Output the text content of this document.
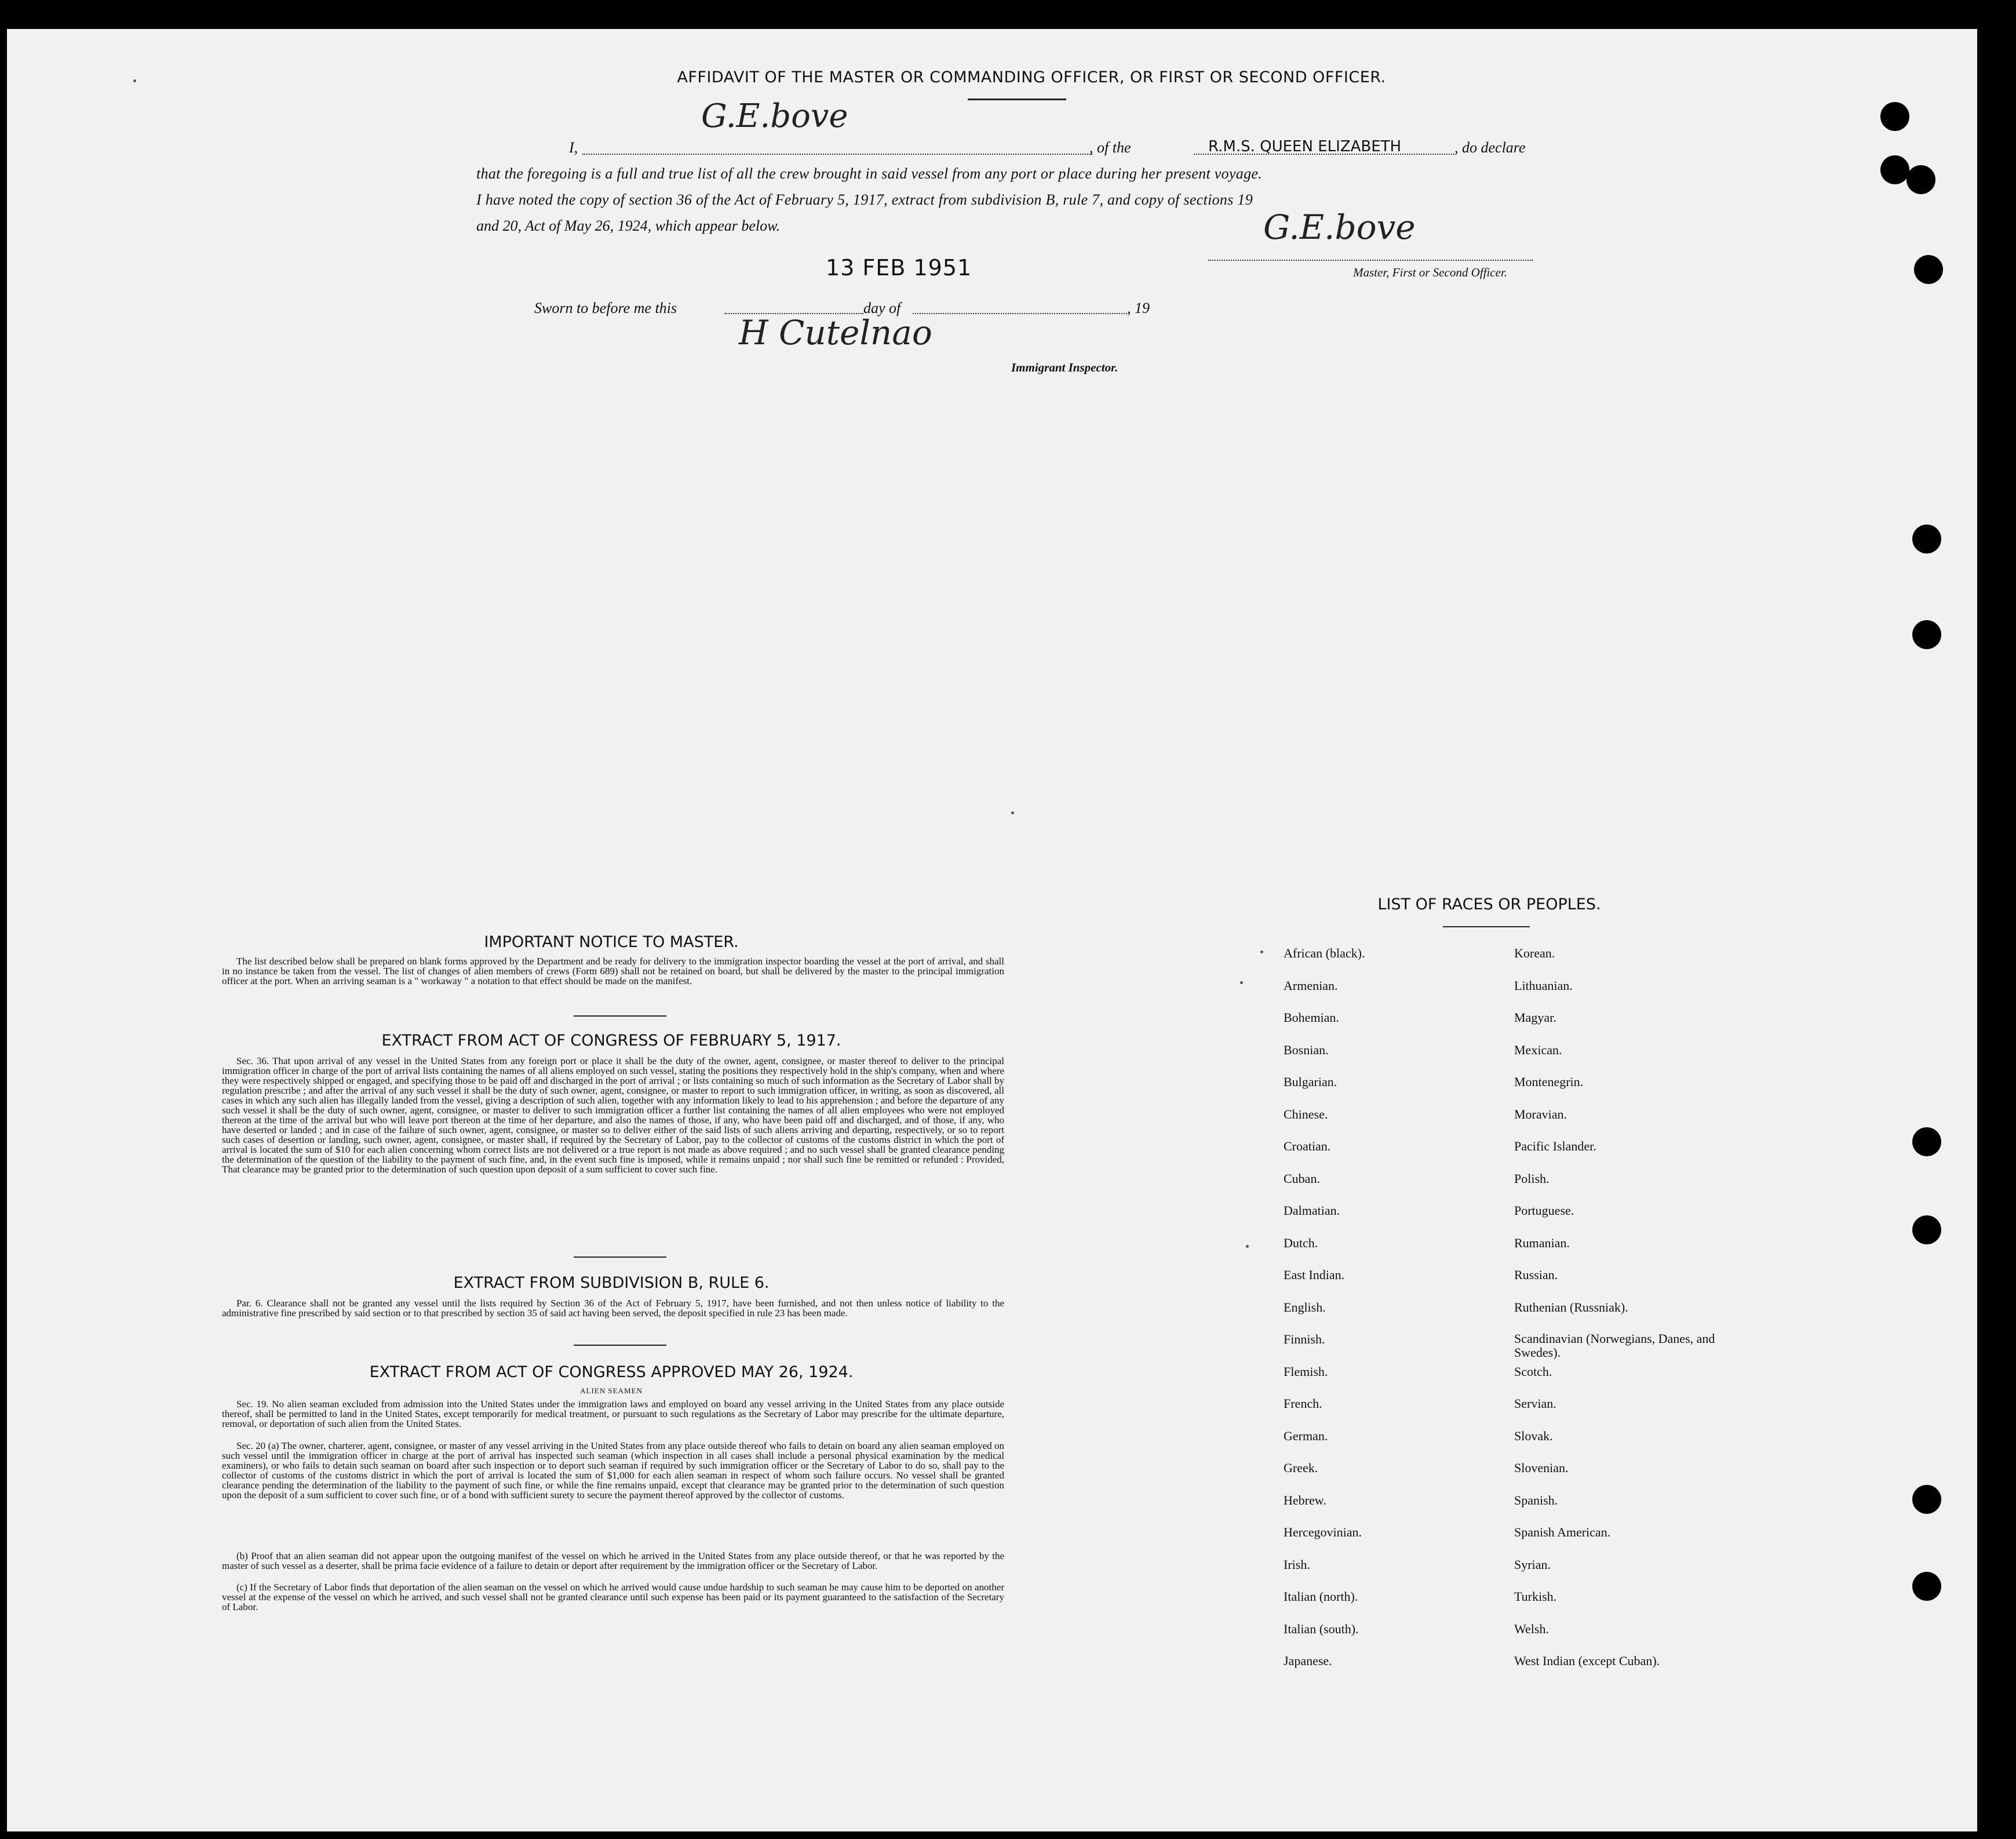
AFFIDAVIT OF THE MASTER OR COMMANDING OFFICER, OR FIRST OR SECOND OFFICER.
I,
G.E.bove
, of the	R.M.S. QUEEN ELIZABETH	, do declare
that the foregoing is a full and true list of all the crew brought in said vessel from any port or place during her present voyage.
I have noted the copy of section 36 of the Act of February 5, 1917, extract from subdivision B, rule 7, and copy of sections 19
and 20, Act of May 26, 1924, which appear below.	G.E.bove
Master, First or Second Officer.
13 FEB 1951
Sworn to before me this	day of	, 19
H Cutelnao
Immigrant Inspector.
IMPORTANT NOTICE TO MASTER.
The list described below shall be prepared on blank forms approved by the Department and be ready for delivery to the immigration inspector boarding the vessel at the port of arrival, and shall in no instance be taken from the vessel. The list of changes of alien members of crews (Form 689) shall not be retained on board, but shall be delivered by the master to the principal immigration officer at the port. When an arriving seaman is a " workaway " a notation to that effect should be made on the manifest.
EXTRACT FROM ACT OF CONGRESS OF FEBRUARY 5, 1917.
Sec. 36. That upon arrival of any vessel in the United States from any foreign port or place it shall be the duty of the owner, agent, consignee, or master thereof to deliver to the principal immigration officer in charge of the port of arrival lists containing the names of all aliens employed on such vessel, stating the positions they respectively hold in the ship's company, when and where they were respectively shipped or engaged, and specifying those to be paid off and discharged in the port of arrival ; or lists containing so much of such information as the Secretary of Labor shall by regulation prescribe ; and after the arrival of any such vessel it shall be the duty of such owner, agent, consignee, or master to report to such immigration officer, in writing, as soon as discovered, all cases in which any such alien has illegally landed from the vessel, giving a description of such alien, together with any information likely to lead to his apprehension ; and before the departure of any such vessel it shall be the duty of such owner, agent, consignee, or master to deliver to such immigration officer a further list containing the names of all alien employees who were not employed thereon at the time of the arrival but who will leave port thereon at the time of her departure, and also the names of those, if any, who have been paid off and discharged, and of those, if any, who have deserted or landed ; and in case of the failure of such owner, agent, consignee, or master so to deliver either of the said lists of such aliens arriving and departing, respectively, or so to report such cases of desertion or landing, such owner, agent, consignee, or master shall, if required by the Secretary of Labor, pay to the collector of customs of the customs district in which the port of arrival is located the sum of $10 for each alien concerning whom correct lists are not delivered or a true report is not made as above required ; and no such vessel shall be granted clearance pending the determination of the question of the liability to the payment of such fine, and, in the event such fine is imposed, while it remains unpaid ; nor shall such fine be remitted or refunded : Provided, That clearance may be granted prior to the determination of such question upon deposit of a sum sufficient to cover such fine.
EXTRACT FROM SUBDIVISION B, RULE 6.
Par. 6. Clearance shall not be granted any vessel until the lists required by Section 36 of the Act of February 5, 1917, have been furnished, and not then unless notice of liability to the administrative fine prescribed by said section or to that prescribed by section 35 of said act having been served, the deposit specified in rule 23 has been made.
EXTRACT FROM ACT OF CONGRESS APPROVED MAY 26, 1924.
ALIEN SEAMEN
Sec. 19. No alien seaman excluded from admission into the United States under the immigration laws and employed on board any vessel arriving in the United States from any place outside thereof, shall be permitted to land in the United States, except temporarily for medical treatment, or pursuant to such regulations as the Secretary of Labor may prescribe for the ultimate departure, removal, or deportation of such alien from the United States.
Sec. 20 (a) The owner, charterer, agent, consignee, or master of any vessel arriving in the United States from any place outside thereof who fails to detain on board any alien seaman employed on such vessel until the immigration officer in charge at the port of arrival has inspected such seaman (which inspection in all cases shall include a personal physical examination by the medical examiners), or who fails to detain such seaman on board after such inspection or to deport such seaman if required by such immigration officer or the Secretary of Labor to do so, shall pay to the collector of customs of the customs district in which the port of arrival is located the sum of $1,000 for each alien seaman in respect of whom such failure occurs. No vessel shall be granted clearance pending the determination of the liability to the payment of such fine, or while the fine remains unpaid, except that clearance may be granted prior to the determination of such question upon the deposit of a sum sufficient to cover such fine, or of a bond with sufficient surety to secure the payment thereof approved by the collector of customs.
(b) Proof that an alien seaman did not appear upon the outgoing manifest of the vessel on which he arrived in the United States from any place outside thereof, or that he was reported by the master of such vessel as a deserter, shall be prima facie evidence of a failure to detain or deport after requirement by the immigration officer or the Secretary of Labor.
(c) If the Secretary of Labor finds that deportation of the alien seaman on the vessel on which he arrived would cause undue hardship to such seaman he may cause him to be deported on another vessel at the expense of the vessel on which he arrived, and such vessel shall not be granted clearance until such expense has been paid or its payment guaranteed to the satisfaction of the Secretary of Labor.
LIST OF RACES OR PEOPLES.
African (black).	Korean.
Armenian.	Lithuanian.
Bohemian.	Magyar.
Bosnian.	Mexican.
Bulgarian.	Montenegrin.
Chinese.	Moravian.
Croatian.	Pacific Islander.
Cuban.	Polish.
Dalmatian.	Portuguese.
Dutch.	Rumanian.
East Indian.	Russian.
English.	Ruthenian (Russniak).
Finnish.	Scandinavian (Norwegians, Danes, and Swedes).
Flemish.	Scotch.
French.	Servian.
German.	Slovak.
Greek.	Slovenian.
Hebrew.	Spanish.
Hercegovinian.	Spanish American.
Irish.	Syrian.
Italian (north).	Turkish.
Italian (south).	Welsh.
Japanese.	West Indian (except Cuban).
